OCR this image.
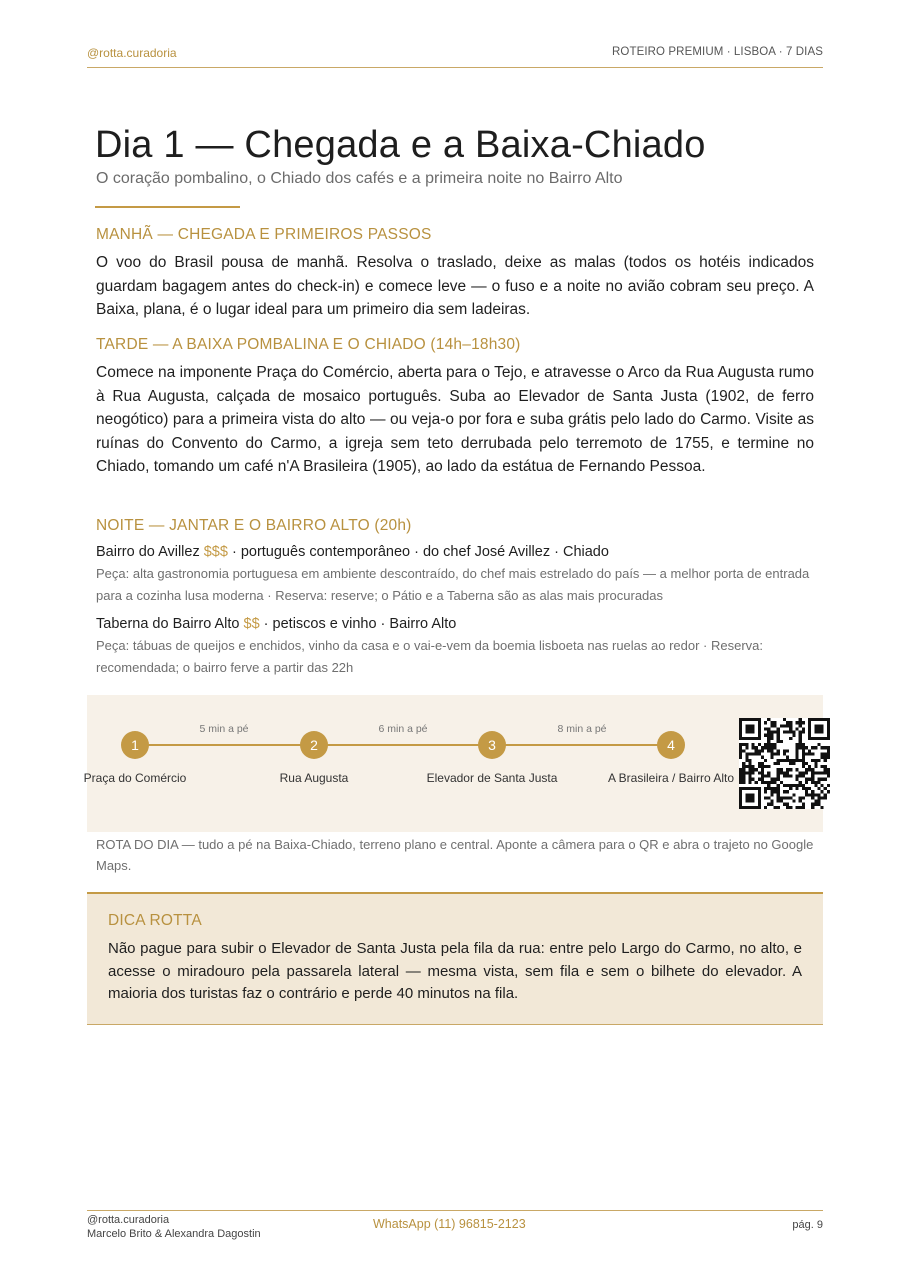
@rotta.curadoria	ROTEIRO PREMIUM · LISBOA · 7 DIAS
Dia 1 — Chegada e a Baixa-Chiado
O coração pombalino, o Chiado dos cafés e a primeira noite no Bairro Alto
MANHÃ — CHEGADA E PRIMEIROS PASSOS

O voo do Brasil pousa de manhã. Resolva o traslado, deixe as malas (todos os hotéis indicados guardam bagagem antes do check-in) e comece leve — o fuso e a noite no avião cobram seu preço. A Baixa, plana, é o lugar ideal para um primeiro dia sem ladeiras.

TARDE — A BAIXA POMBALINA E O CHIADO (14h–18h30)

Comece na imponente Praça do Comércio, aberta para o Tejo, e atravesse o Arco da Rua Augusta rumo à Rua Augusta, calçada de mosaico português. Suba ao Elevador de Santa Justa (1902, de ferro neogótico) para a primeira vista do alto — ou veja-o por fora e suba grátis pelo lado do Carmo. Visite as ruínas do Convento do Carmo, a igreja sem teto derrubada pelo terremoto de 1755, e termine no Chiado, tomando um café n'A Brasileira (1905), ao lado da estátua de Fernando Pessoa.

NOITE — JANTAR E O BAIRRO ALTO (20h)
Bairro do Avillez $$$ · português contemporâneo · do chef José Avillez · Chiado

Peça: alta gastronomia portuguesa em ambiente descontraído, do chef mais estrelado do país — a melhor porta de entrada para a cozinha lusa moderna · Reserva: reserve; o Pátio e a Taberna são as alas mais procuradas

Taberna do Bairro Alto $$ · petiscos e vinho · Bairro Alto

Peça: tábuas de queijos e enchidos, vinho da casa e o vai-e-vem da boemia lisboeta nas ruelas ao redor · Reserva: recomendada; o bairro ferve a partir das 22h

5 min a pé	6 min a pé	8 min a pé
1	2	3	4
Praça do Comércio	Rua Augusta	Elevador de Santa Justa	A Brasileira / Bairro Alto

ROTA DO DIA — tudo a pé na Baixa-Chiado, terreno plano e central. Aponte a câmera para o QR e abra o trajeto no Google Maps.

DICA ROTTA

Não pague para subir o Elevador de Santa Justa pela fila da rua: entre pelo Largo do Carmo, no alto, e acesse o miradouro pela passarela lateral — mesma vista, sem fila e sem o bilhete do elevador. A maioria dos turistas faz o contrário e perde 40 minutos na fila.

@rotta.curadoria
Marcelo Brito & Alexandra Dagostin
WhatsApp (11) 96815-2123	pág. 9
